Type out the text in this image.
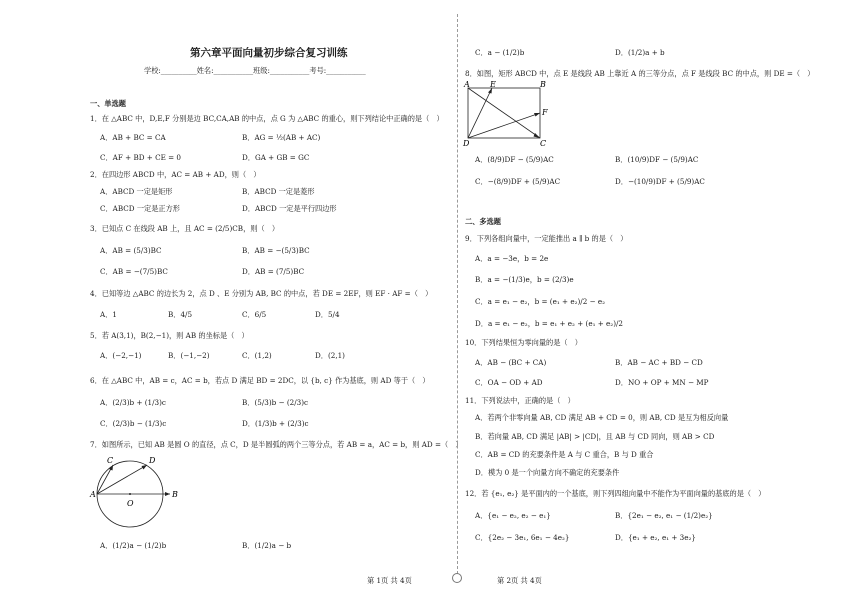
第六章平面向量初步综合复习训练
学校:__________姓名:___________班级:___________考号:___________
一、单选题
1．在 △ABC 中，D,E,F 分别是边 BC,CA,AB 的中点，点 G 为 △ABC 的重心，则下列结论中正确的是（　）
A．AB + BC = CA	B．AG = ½(AB + AC)
C．AF + BD + CE = 0	D．GA + GB = GC
2．在四边形 ABCD 中，AC = AB + AD，则（　）
A．ABCD 一定是矩形	B．ABCD 一定是菱形
C．ABCD 一定是正方形	D．ABCD 一定是平行四边形
3．已知点 C 在线段 AB 上，且 AC = (2/5)CB，则（　）
A．AB = (5/3)BC	B．AB = −(5/3)BC
C．AB = −(7/5)BC	D．AB = (7/5)BC
4．已知等边 △ABC 的边长为 2，点 D 、E 分别为 AB, BC 的中点，若 DE = 2EF，则 EF · AF =（　）
A．1	B．4/5	C．6/5	D．5/4
5．若 A(3,1)，B(2,−1)，则 AB 的坐标是（　）
A．(−2,−1)	B．(−1,−2)	C．(1,2)	D．(2,1)
6．在 △ABC 中，AB = c，AC = b，若点 D 满足 BD = 2DC，以 {b, c} 作为基底，则 AD 等于（　）
A．(2/3)b + (1/3)c	B．(5/3)b − (2/3)c
C．(2/3)b − (1/3)c	D．(1/3)b + (2/3)c
7．如图所示，已知 AB 是圆 O 的直径，点 C，D 是半圆弧的两个三等分点，若 AB = a，AC = b，则 AD =（　）
A	B
C	D
O
A．(1/2)a − (1/2)b	B．(1/2)a − b
第 1页 共 4页
C．a − (1/2)b	D．(1/2)a + b
8．如图，矩形 ABCD 中，点 E 是线段 AB 上靠近 A 的三等分点，点 F 是线段 BC 的中点，则 DE =（　）
A	E	B
F
D	C
A．(8/9)DF − (5/9)AC	B．(10/9)DF − (5/9)AC
C．−(8/9)DF + (5/9)AC	D．−(10/9)DF + (5/9)AC
二、多选题
9．下列各组向量中，一定能推出 a ∥ b 的是（　）
A．a = −3e，b = 2e
B．a = −(1/3)e，b = (2/3)e
C．a = e₁ − e₂，b = (e₁ + e₂)/2 − e₂
D．a = e₁ − e₂，b = e₁ + e₂ + (e₁ + e₂)/2
10．下列结果恒为零向量的是（　）
A．AB − (BC + CA)	B．AB − AC + BD − CD
C．OA − OD + AD	D．NO + OP + MN − MP
11．下列说法中，正确的是（　）
A．若两个非零向量 AB, CD 满足 AB + CD = 0，则 AB, CD 是互为相反向量
B．若向量 AB, CD 满足 |AB| > |CD|，且 AB 与 CD 同向，则 AB > CD
C．AB = CD 的充要条件是 A 与 C 重合，B 与 D 重合
D．模为 0 是一个向量方向不确定的充要条件
12．若 {e₁, e₂} 是平面内的一个基底，则下列四组向量中不能作为平面向量的基底的是（　）
A．{e₁ − e₂, e₂ − e₁}	B．{2e₁ − e₂, e₁ − (1/2)e₂}
C．{2e₂ − 3e₁, 6e₁ − 4e₂}	D．{e₁ + e₂, e₁ + 3e₂}
第 2页 共 4页
